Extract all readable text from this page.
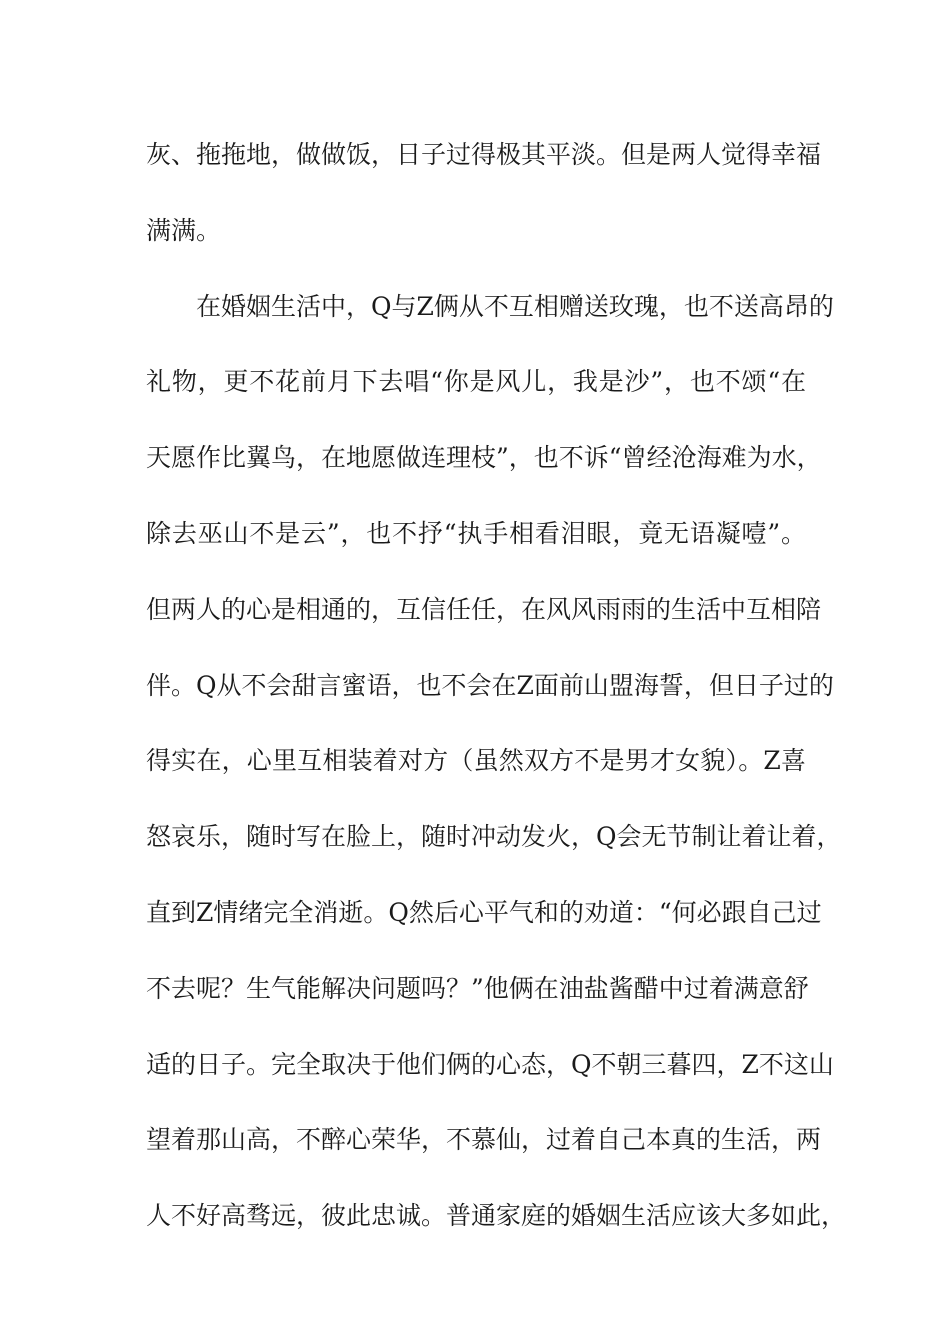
灰、拖拖地，做做饭，日子过得极其平淡。但是两人觉得幸福
满满。
在婚姻生活中，Q与Z俩从不互相赠送玫瑰，也不送高昂的
礼物，更不花前月下去唱“你是风儿，我是沙”，也不颂“在
天愿作比翼鸟，在地愿做连理枝”，也不诉“曾经沧海难为水，
除去巫山不是云”，也不抒“执手相看泪眼，竟无语凝噎”。
但两人的心是相通的，互信任任，在风风雨雨的生活中互相陪
伴。Q从不会甜言蜜语，也不会在Z面前山盟海誓，但日子过的
得实在，心里互相装着对方（虽然双方不是男才女貌）。Z喜
怒哀乐，随时写在脸上，随时冲动发火，Q会无节制让着让着，
直到Z情绪完全消逝。Q然后心平气和的劝道：“何必跟自己过
不去呢？生气能解决问题吗？”他俩在油盐酱醋中过着满意舒
适的日子。完全取决于他们俩的心态，Q不朝三暮四，Z不这山
望着那山高，不醉心荣华，不慕仙，过着自己本真的生活，两
人不好高骛远，彼此忠诚。普通家庭的婚姻生活应该大多如此，
